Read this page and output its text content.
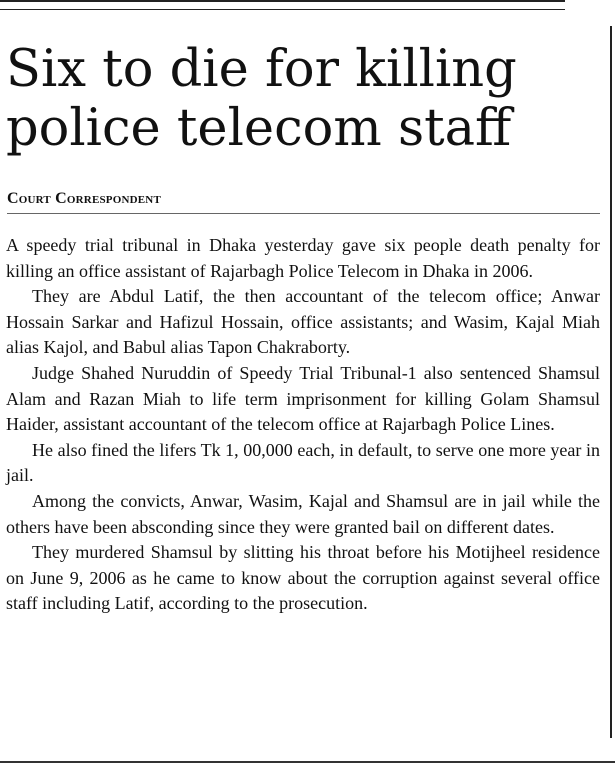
Six to die for killing police telecom staff
Court Correspondent

A speedy trial tribunal in Dhaka yesterday gave six people death penalty for killing an office assistant of Rajarbagh Police Telecom in Dhaka in 2006.

They are Abdul Latif, the then accountant of the telecom office; Anwar Hossain Sarkar and Hafizul Hossain, office assistants; and Wasim, Kajal Miah alias Kajol, and Babul alias Tapon Chakraborty.

Judge Shahed Nuruddin of Speedy Trial Tribunal-1 also sentenced Shamsul Alam and Razan Miah to life term imprisonment for killing Golam Shamsul Haider, assistant accountant of the telecom office at Rajarbagh Police Lines.

He also fined the lifers Tk 1, 00,000 each, in default, to serve one more year in jail.

Among the convicts, Anwar, Wasim, Kajal and Shamsul are in jail while the others have been absconding since they were granted bail on different dates.

They murdered Shamsul by slitting his throat before his Motijheel residence on June 9, 2006 as he came to know about the corruption against several office staff including Latif, according to the prosecution.
